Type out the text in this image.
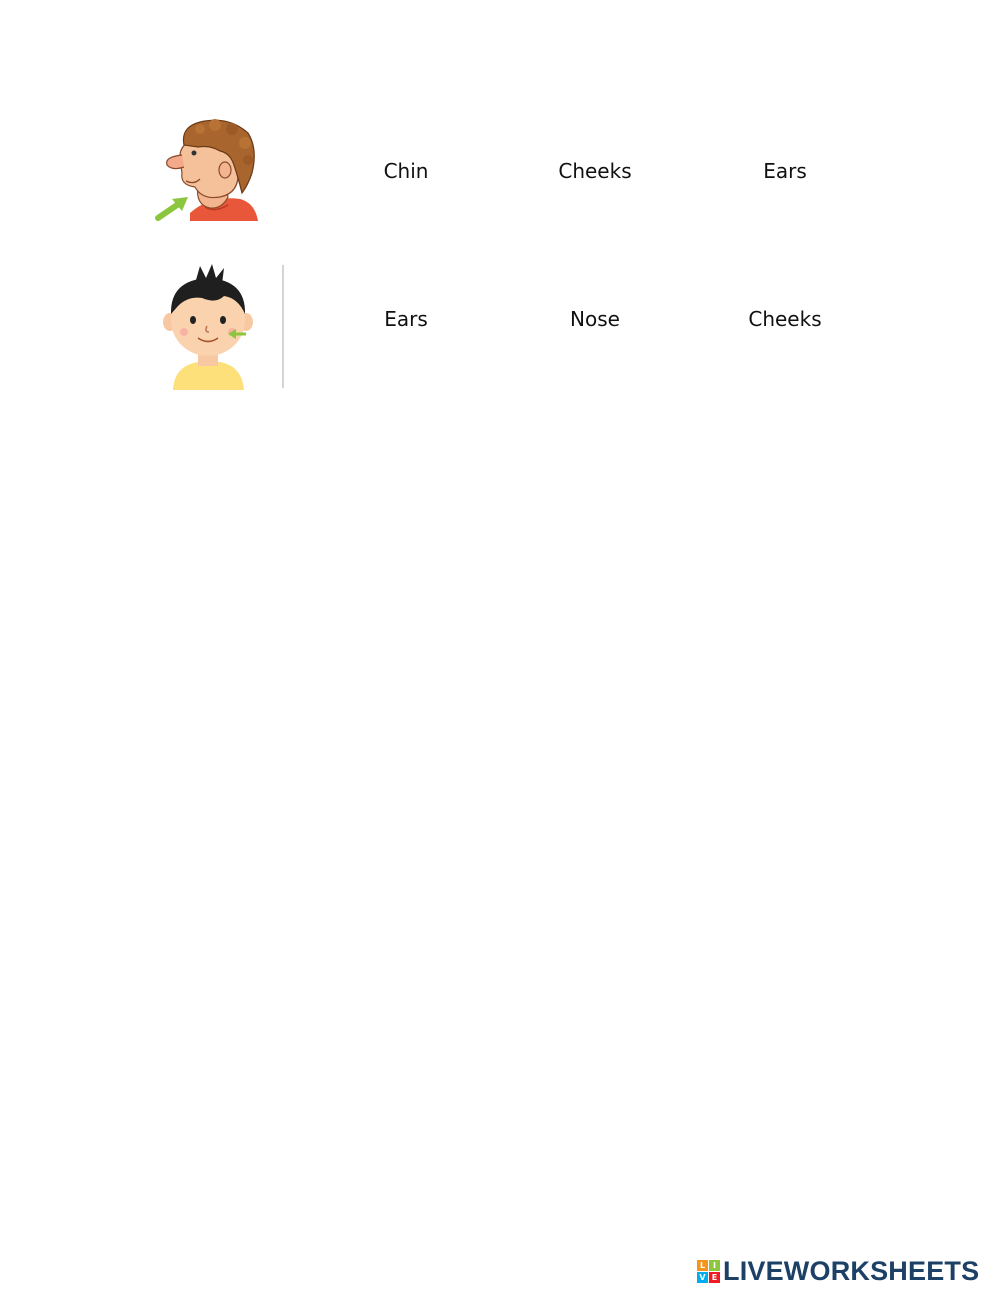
Chin	Cheeks	Ears
Ears	Nose	Cheeks
L I
V E LIVEWORKSHEETS
